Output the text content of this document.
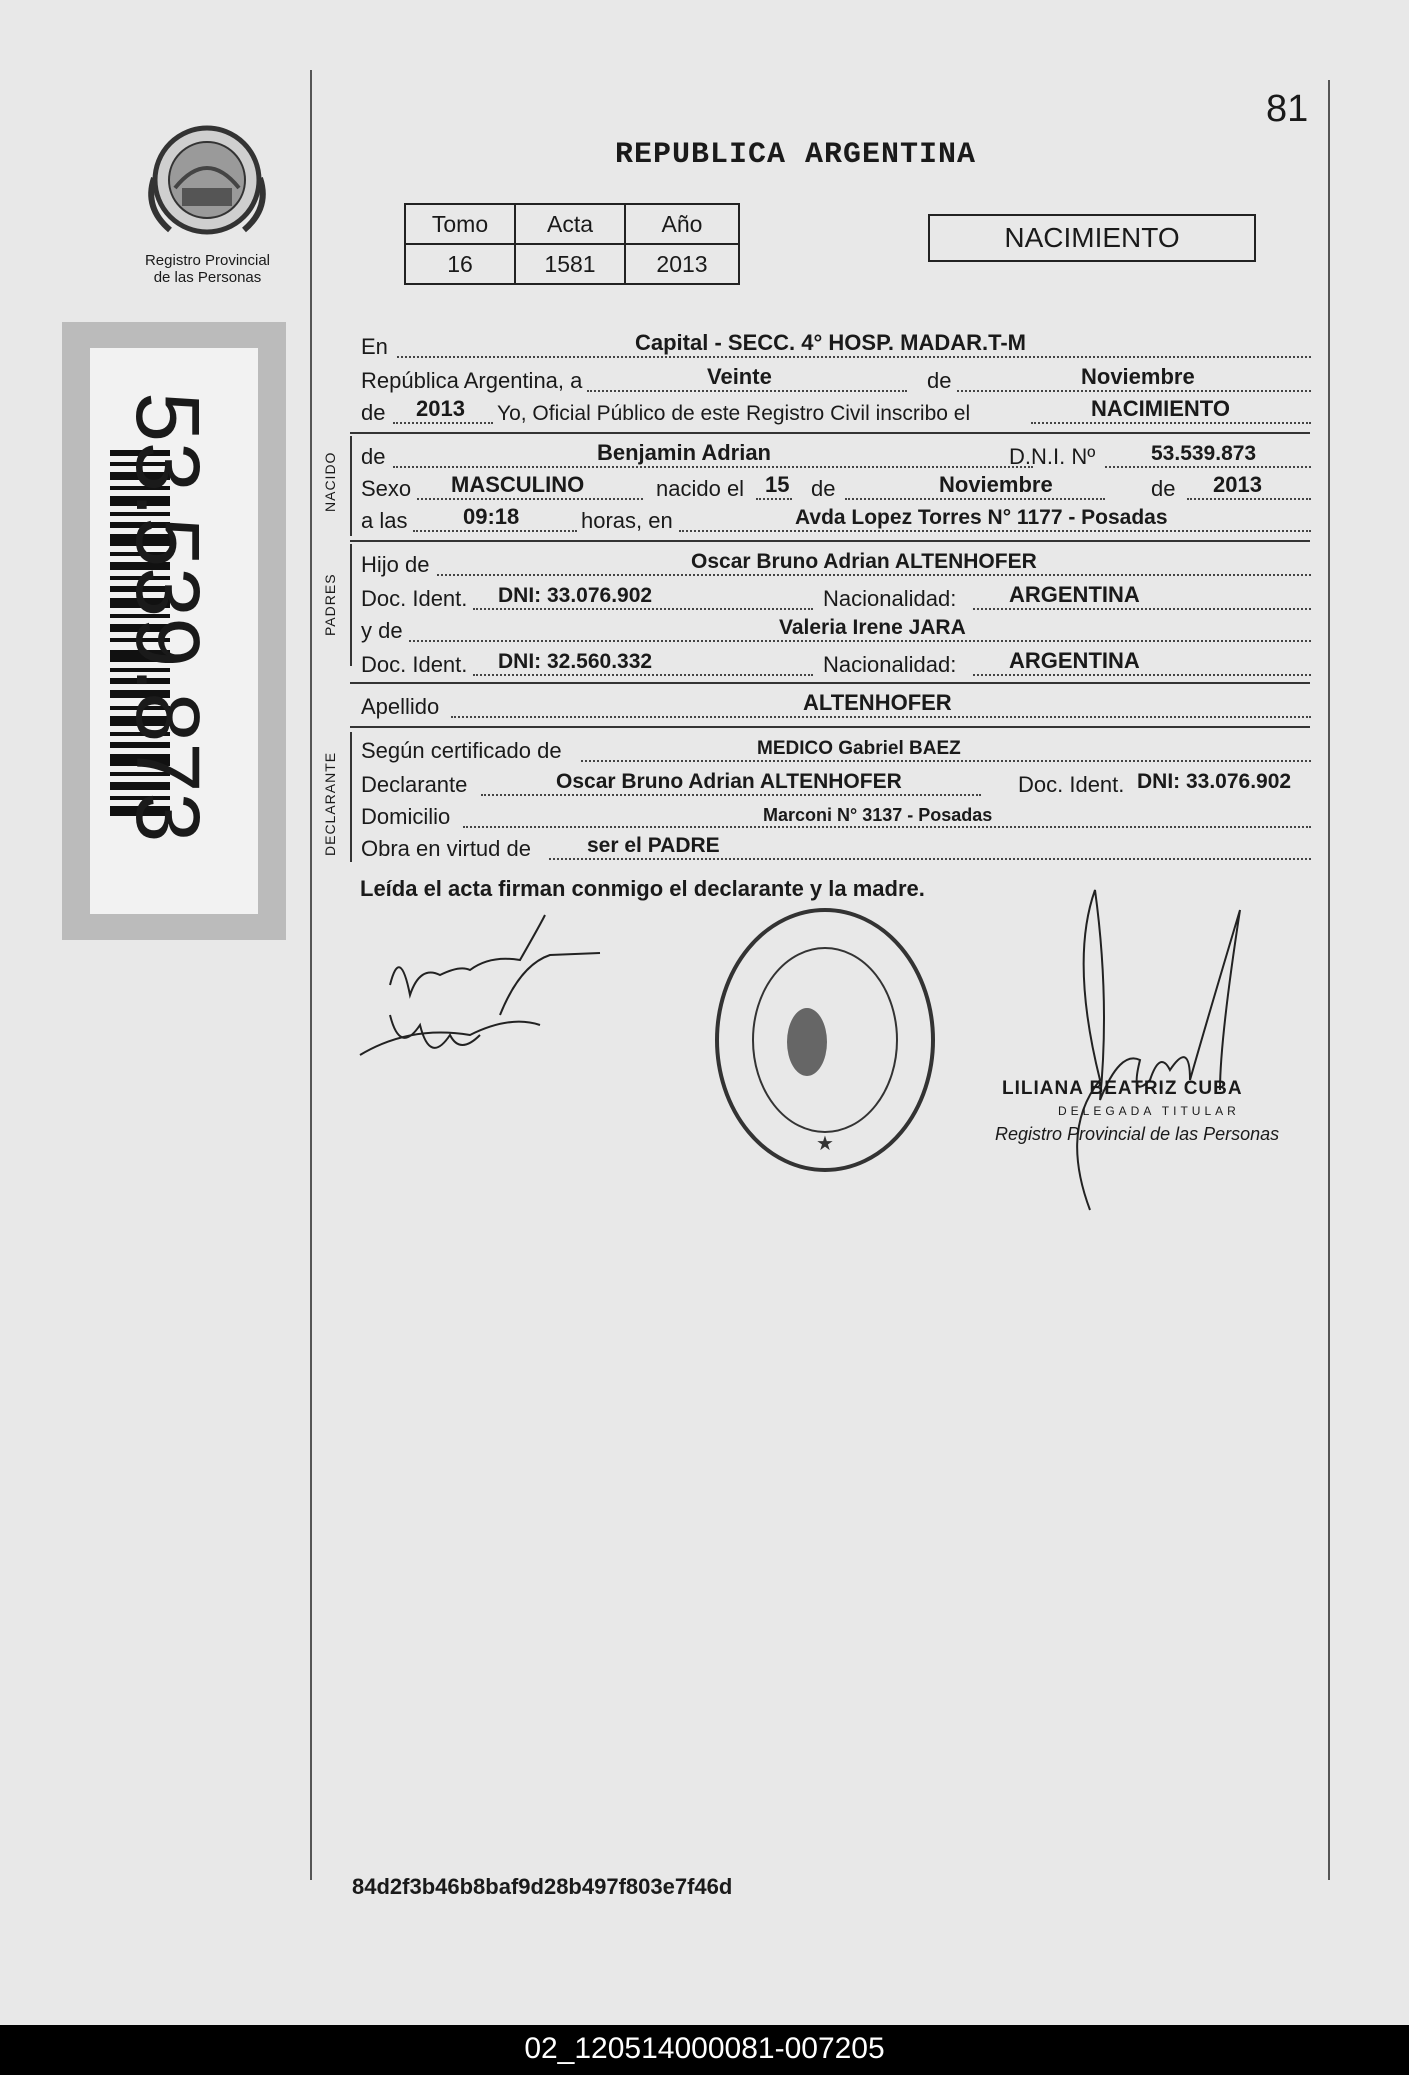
81
Registro Provincial
de las Personas
53.539.873
REPUBLICA ARGENTINA
Tomo	Acta	Año
16	1581	2013
NACIMIENTO
En	Capital - SECC. 4° HOSP. MADAR.T-M
República Argentina, a	Veinte	de	Noviembre
de 2013 Yo, Oficial Público de este Registro Civil inscribo el	NACIMIENTO
NACIDO de	Benjamin Adrian	D.N.I. Nº	53.539.873
Sexo MASCULINO	nacido el 15 de	Noviembre	de 2013
a las	09:18	horas, en	Avda Lopez Torres N° 1177 - Posadas
PADRES
Hijo de	Oscar Bruno Adrian ALTENHOFER
Doc. Ident. DNI: 33.076.902	Nacionalidad: ARGENTINA
y de	Valeria Irene JARA
Doc. Ident. DNI: 32.560.332	Nacionalidad: ARGENTINA
Apellido	ALTENHOFER
DECLARANTE
Según certificado de	MEDICO Gabriel BAEZ
Declarante	Oscar Bruno Adrian ALTENHOFER	Doc. Ident. DNI: 33.076.902
Domicilio	Marconi N° 3137 - Posadas
Obra en virtud de	ser el PADRE
Leída el acta firman conmigo el declarante y la madre.
★
LILIANA BEATRIZ CUBA
DELEGADA TITULAR
Registro Provincial de las Personas
84d2f3b46b8baf9d28b497f803e7f46d
02_120514000081-007205
